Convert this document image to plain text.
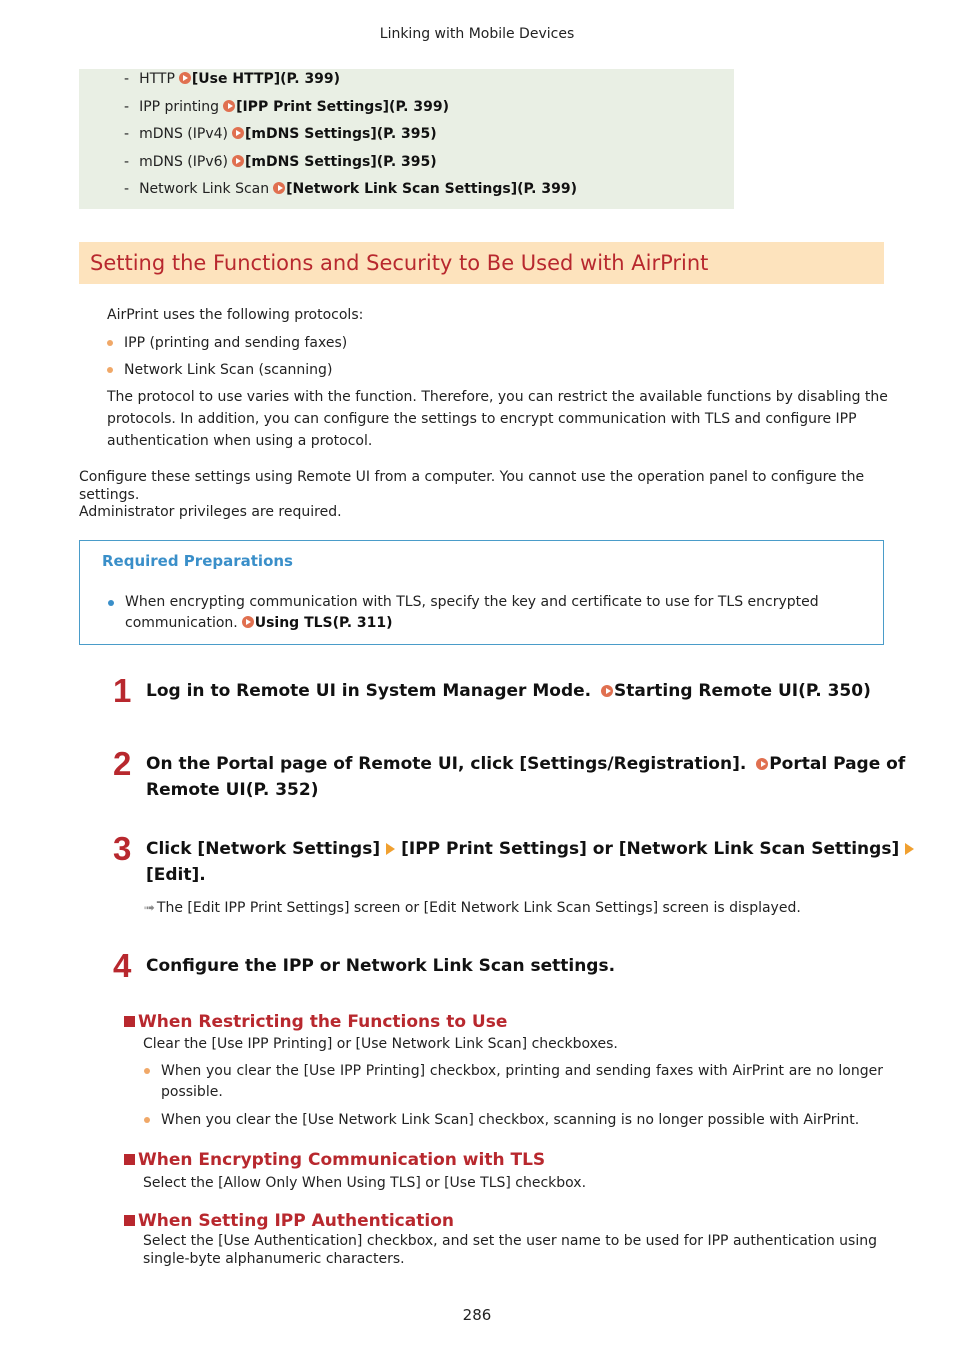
Linking with Mobile Devices
- HTTP [Use HTTP](P. 399)
- IPP printing [IPP Print Settings](P. 399)
- mDNS (IPv4) [mDNS Settings](P. 395)
- mDNS (IPv6) [mDNS Settings](P. 395)
- Network Link Scan [Network Link Scan Settings](P. 399)
Setting the Functions and Security to Be Used with AirPrint
AirPrint uses the following protocols:
IPP (printing and sending faxes)
Network Link Scan (scanning)
The protocol to use varies with the function. Therefore, you can restrict the available functions by disabling the
protocols. In addition, you can configure the settings to encrypt communication with TLS and configure IPP
authentication when using a protocol.
Configure these settings using Remote UI from a computer. You cannot use the operation panel to configure the
settings.
Administrator privileges are required.
Required Preparations
When encrypting communication with TLS, specify the key and certificate to use for TLS encrypted
communication. Using TLS(P. 311)
1 Log in to Remote UI in System Manager Mode. Starting Remote UI(P. 350)
2 On the Portal page of Remote UI, click [Settings/Registration]. Portal Page of
Remote UI(P. 352)
3 Click [Network Settings] [IPP Print Settings] or [Network Link Scan Settings]
[Edit].
➟ The [Edit IPP Print Settings] screen or [Edit Network Link Scan Settings] screen is displayed.
4 Configure the IPP or Network Link Scan settings.
When Restricting the Functions to Use
Clear the [Use IPP Printing] or [Use Network Link Scan] checkboxes.
When you clear the [Use IPP Printing] checkbox, printing and sending faxes with AirPrint are no longer
possible.
When you clear the [Use Network Link Scan] checkbox, scanning is no longer possible with AirPrint.
When Encrypting Communication with TLS
Select the [Allow Only When Using TLS] or [Use TLS] checkbox.
When Setting IPP Authentication
Select the [Use Authentication] checkbox, and set the user name to be used for IPP authentication using
single-byte alphanumeric characters.
286
